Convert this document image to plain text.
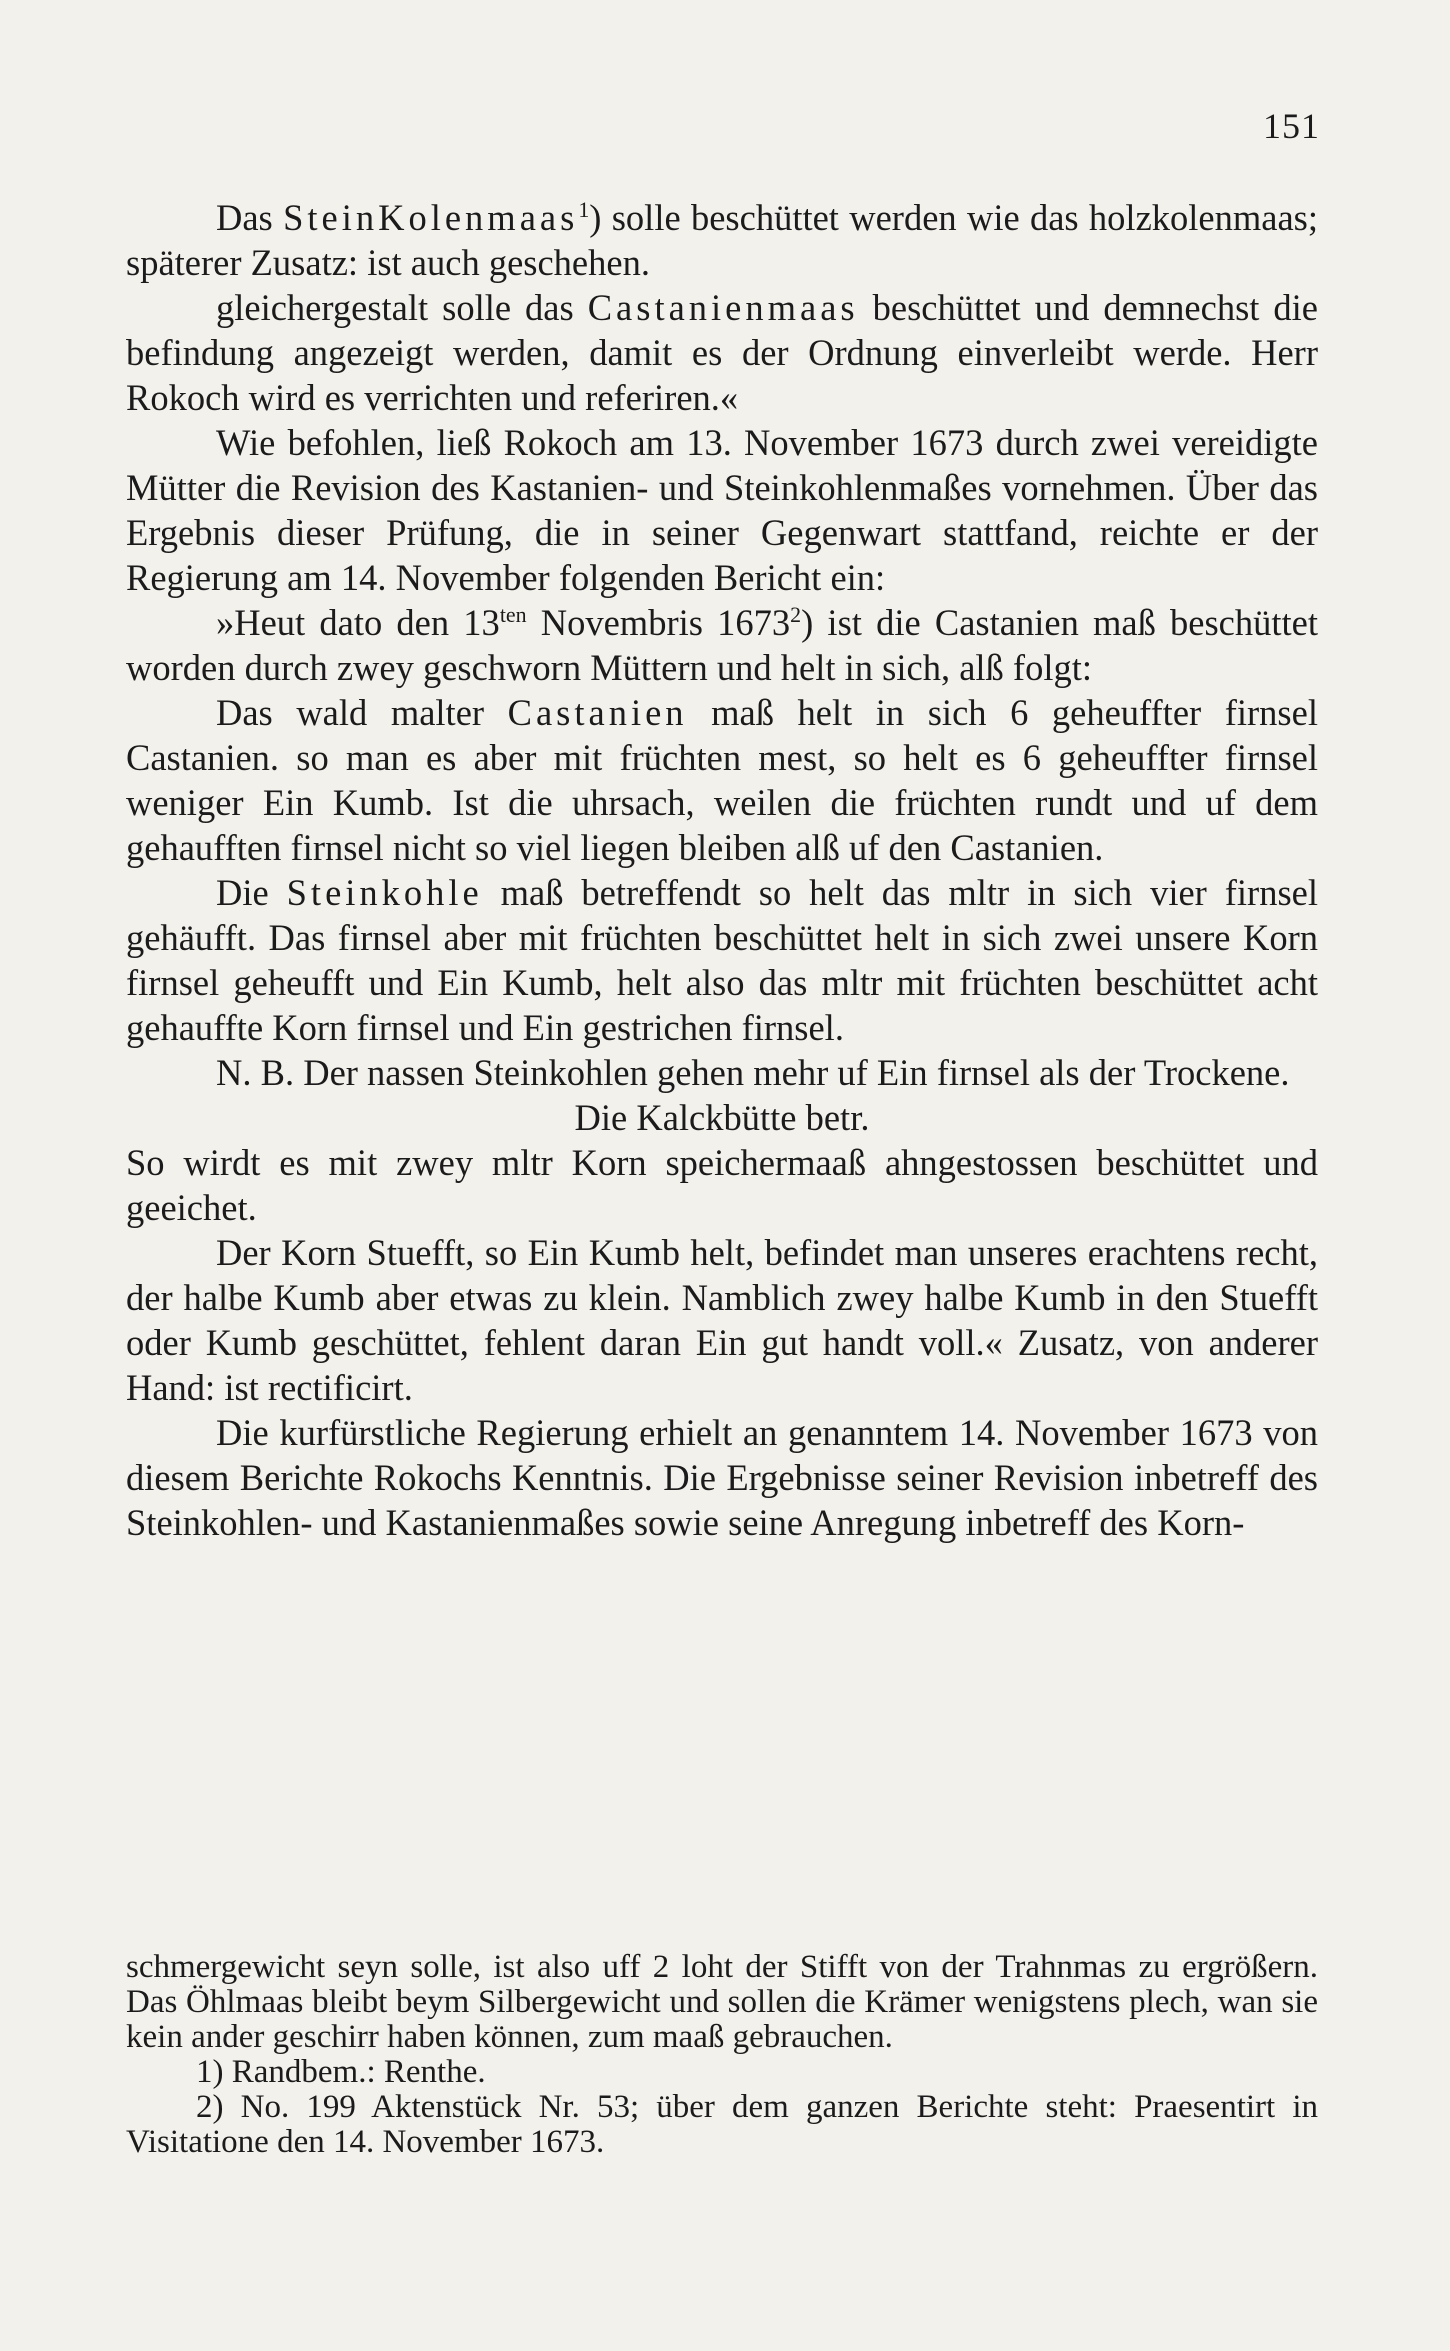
151

Das SteinKolenmaas$^1$) solle beschüttet werden wie das holzkolenmaas; späterer Zusatz: ist auch geschehen.

gleichergestalt solle das Castanienmaas beschüttet und demnechst die befindung angezeigt werden, damit es der Ordnung einverleibt werde. Herr Rokoch wird es verrichten und referiren.«

Wie befohlen, ließ Rokoch am 13. November 1673 durch zwei vereidigte Mütter die Revision des Kastanien- und Steinkohlenmaßes vornehmen. Über das Ergebnis dieser Prüfung, die in seiner Gegenwart stattfand, reichte er der Regierung am 14. November folgenden Bericht ein:

»Heut dato den $13^{ten}$ Novembris 1673$^2$) ist die Castanien maß beschüttet worden durch zwey geschworn Müttern und helt in sich, alß folgt:

Das wald malter Castanien maß helt in sich 6 geheuffter firnsel Castanien. so man es aber mit früchten mest, so helt es 6 geheuffter firnsel weniger Ein Kumb. Ist die uhrsach, weilen die früchten rundt und uf dem gehaufften firnsel nicht so viel liegen bleiben alß uf den Castanien.

Die Steinkohle maß betreffendt so helt das mltr in sich vier firnsel gehäufft. Das firnsel aber mit früchten beschüttet helt in sich zwei unsere Korn firnsel geheufft und Ein Kumb, helt also das mltr mit früchten beschüttet acht gehauffte Korn firnsel und Ein gestrichen firnsel.

N. B. Der nassen Steinkohlen gehen mehr uf Ein firnsel als der Trockene.

Die Kalckbütte betr.

So wirdt es mit zwey mltr Korn speichermaaß ahngestossen beschüttet und geeichet.

Der Korn Stuefft, so Ein Kumb helt, befindet man unseres erachtens recht, der halbe Kumb aber etwas zu klein. Namblich zwey halbe Kumb in den Stuefft oder Kumb geschüttet, fehlent daran Ein gut handt voll.« Zusatz, von anderer Hand: ist rectificirt.

Die kurfürstliche Regierung erhielt an genanntem 14. November 1673 von diesem Berichte Rokochs Kenntnis. Die Ergebnisse seiner Revision inbetreff des Steinkohlen- und Kastanienmaßes sowie seine Anregung inbetreff des Korn-

schmergewicht seyn solle, ist also uff 2 loht der Stifft von der Trahnmas zu ergrößern. Das Öhlmaas bleibt beym Silbergewicht und sollen die Krämer wenigstens plech, wan sie kein ander geschirr haben können, zum maaß gebrauchen.

1) Randbem.: Renthe.

2) No. 199 Aktenstück Nr. 53; über dem ganzen Berichte steht: Praesentirt in Visitatione den 14. November 1673.
